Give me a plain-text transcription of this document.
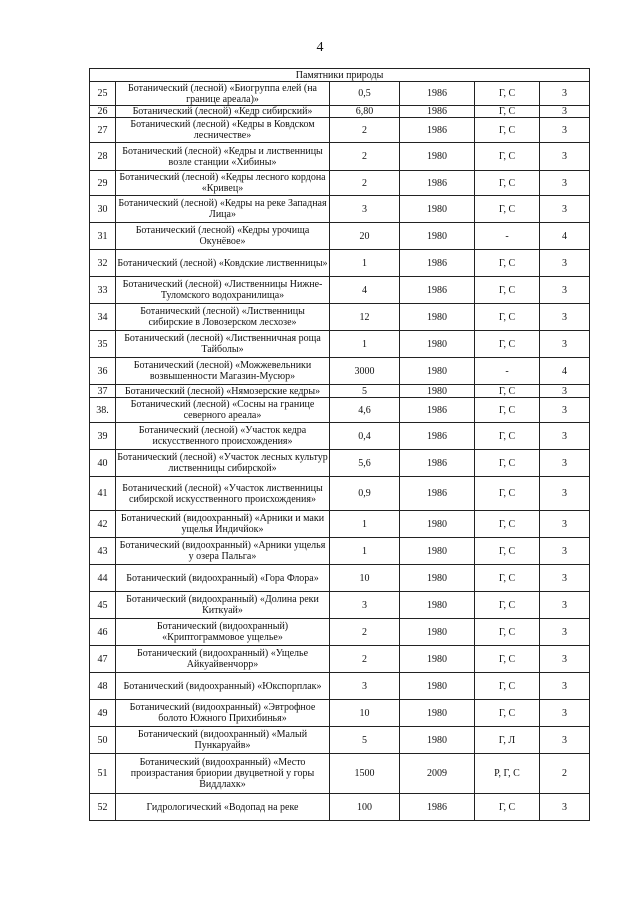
4
Памятники природы					
25	Ботанический (лесной) «Биогруппа елей (на границе ареала)»	0,5	1986	Г, С	3
26	Ботанический (лесной) «Кедр сибирский»	6,80	1986	Г, С	3
27	Ботанический (лесной) «Кедры в Ковдском лесничестве»	2	1986	Г, С	3
28	Ботанический (лесной) «Кедры и лиственницы возле станции «Хибины»	2	1980	Г, С	3
29	Ботанический (лесной) «Кедры лесного кордона «Кривец»	2	1986	Г, С	3
30	Ботанический (лесной) «Кедры на реке Западная Лица»	3	1980	Г, С	3
31	Ботанический (лесной) «Кедры урочища Окунёвое»	20	1980	-	4
32	Ботанический (лесной) «Ковдские лиственницы»	1	1986	Г, С	3
33	Ботанический (лесной) «Лиственницы Нижне-Туломского водохранилища»	4	1986	Г, С	3
34	Ботанический (лесной) «Лиственницы сибирские в Ловозерском лесхозе»	12	1980	Г, С	3
35	Ботанический (лесной) «Лиственничная роща Тайболы»	1	1980	Г, С	3
36	Ботанический (лесной) «Можжевельники возвышенности Магазин-Мусюр»	3000	1980	-	4
37	Ботанический (лесной) «Нямозерские кедры»	5	1980	Г, С	3
38.	Ботанический (лесной) «Сосны на границе северного ареала»	4,6	1986	Г, С	3
39	Ботанический (лесной) «Участок кедра искусственного происхождения»	0,4	1986	Г, С	3
40	Ботанический (лесной) «Участок лесных культур лиственницы сибирской»	5,6	1986	Г, С	3
41	Ботанический (лесной) «Участок лиственницы сибирской искусственного происхождения»	0,9	1986	Г, С	3
42	Ботанический (видоохранный) «Арники и маки ущелья Индичйок»	1	1980	Г, С	3
43	Ботанический (видоохранный) «Арники ущелья у озера Пальга»	1	1980	Г, С	3
44	Ботанический (видоохранный) «Гора Флора»	10	1980	Г, С	3
45	Ботанический (видоохранный) «Долина реки Киткуай»	3	1980	Г, С	3
46	Ботанический (видоохранный) «Криптограммовое ущелье»	2	1980	Г, С	3
47	Ботанический (видоохранный) «Ущелье Айкуайвенчорр»	2	1980	Г, С	3
48	Ботанический (видоохранный) «Юкспорплак»	3	1980	Г, С	3
49	Ботанический (видоохранный) «Эвтрофное болото Южного Прихибинья»	10	1980	Г, С	3
50	Ботанический (видоохранный) «Малый Пункаруайв»	5	1980	Г, Л	3
51	Ботанический (видоохранный) «Место произрастания бриории двуцветной у горы Виддлахк»	1500	2009	Р, Г, С	2
52	Гидрологический «Водопад на реке	100	1986	Г, С	3
